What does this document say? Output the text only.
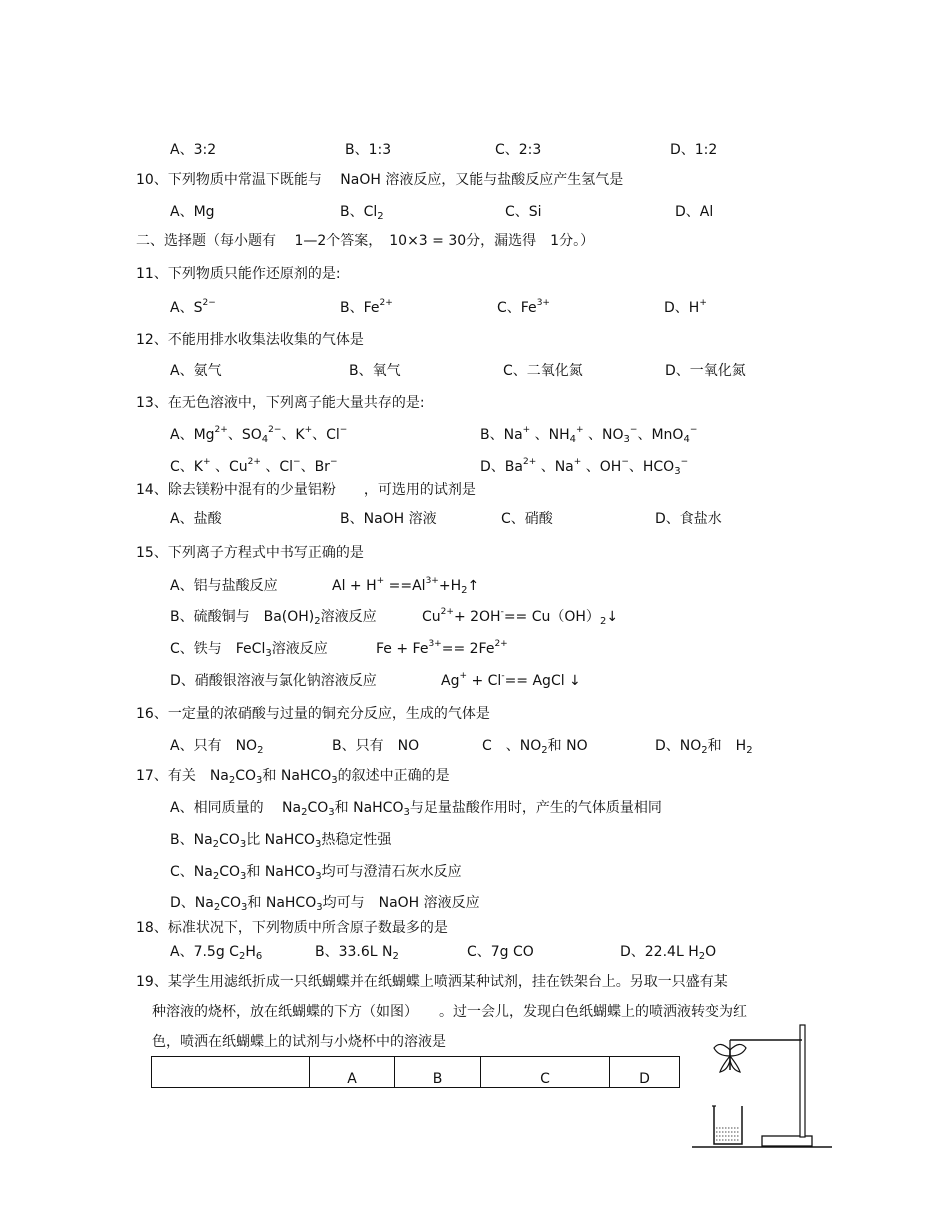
A、3:2	B、1:3	C、2:3	D、1:2
10、下列物质中常温下既能与　 NaOH 溶液反应，又能与盐酸反应产生氢气是
A、Mg	B、$Cl_2$	C、Si	D、Al
二、选择题（每小题有　 1—2个答案，　10×3 = 30分，漏选得　1分。）
11、下列物质只能作还原剂的是:
A、$S^{2-}$	B、$Fe^{2+}$	C、$Fe^{3+}$	D、H+
12、不能用排水收集法收集的气体是
A、氨气	B、氧气	C、二氧化氮	D、一氧化氮
13、在无色溶液中，下列离子能大量共存的是:
A、$Mg^{2+}$、$SO_4^{2-}$、K+、Cl−	B、Na+ 、$NH_4^+$ 、$NO_3^-$、MnO$_4$−
C、K+ 、$Cu^{2+}$ 、Cl−、Br−	D、$Ba^{2+}$ 、Na+ 、OH−、$HCO_3^-$
14、除去镁粉中混有的少量铝粉　　，可选用的试剂是
A、盐酸	B、NaOH 溶液	C、硝酸	D、食盐水
15、下列离子方程式中书写正确的是
A、铝与盐酸反应	$Al + H^+ ==Al^{3+}+H_2↑$
B、硫酸铜与　$Ba(OH)_2$溶液反应	$Cu^{2+}+ 2OH^-==$ $Cu(OH)_2↓$
C、铁与　FeCl$_3$溶液反应	$Fe + Fe^{3+}== 2Fe^{2+}$
D、硝酸银溶液与氯化钠溶液反应	Ag+ + Cl-== AgCl ↓
16、一定量的浓硝酸与过量的铜充分反应，生成的气体是
A、只有　$NO_2$	B、只有　NO	C　、$NO_2$和 NO	D、$NO_2$和　$H_2$
17、有关　$Na_2CO_3$和 NaHCO$_3$的叙述中正确的是
A、相同质量的　 $Na_2CO_3$和 NaHCO$_3$与足量盐酸作用时，产生的气体质量相同
B、$Na_2CO_3$比 NaHCO$_3$热稳定性强
C、$Na_2CO_3$和 NaHCO$_3$均可与澄清石灰水反应
D、$Na_2CO_3$和 NaHCO$_3$均可与　NaOH 溶液反应
18、标准状况下，下列物质中所含原子数最多的是
A、7.5g $C_2H_6$	B、33.6L $N_2$	C、7g CO	D、22.4L $H_2O$
19、某学生用滤纸折成一只纸蝴蝶并在纸蝴蝶上喷洒某种试剂，挂在铁架台上。另取一只盛有某
种溶液的烧杯，放在纸蝴蝶的下方（如图）　　。过一会儿，发现白色纸蝴蝶上的喷洒液转变为红
色，喷洒在纸蝴蝶上的试剂与小烧杯中的溶液是
	A	B	C	D
